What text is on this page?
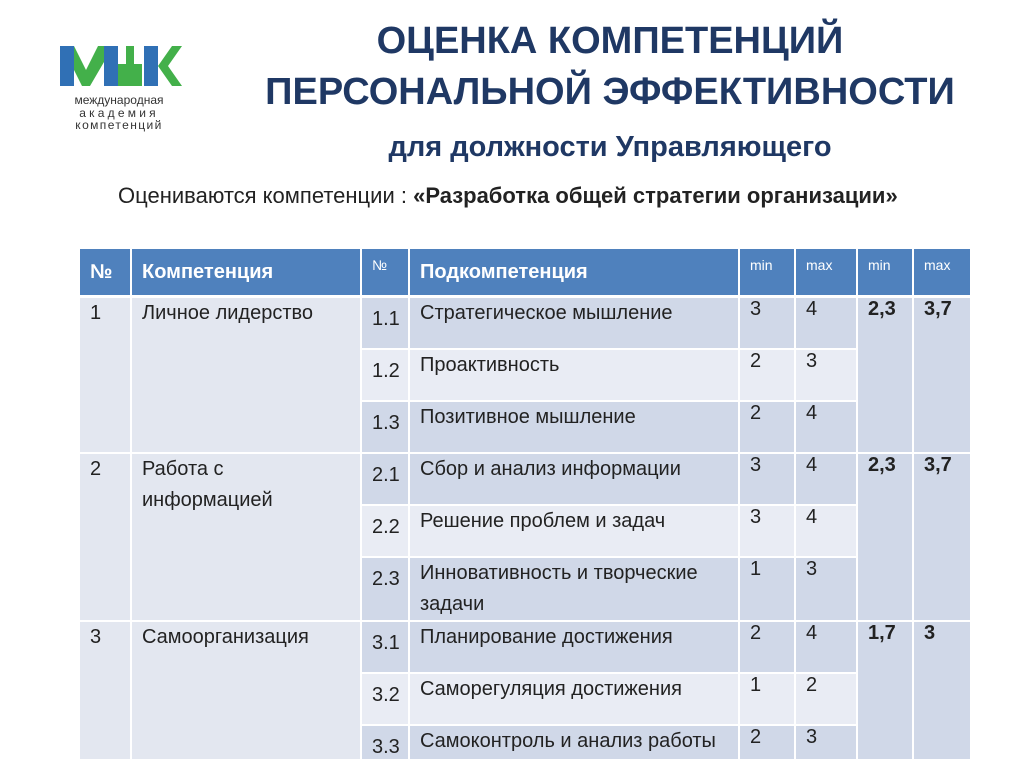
международная
академия
компетенций
ОЦЕНКА КОМПЕТЕНЦИЙ
ПЕРСОНАЛЬНОЙ ЭФФЕКТИВНОСТИ
для должности Управляющего
Оцениваются компетенции : «Разработка общей стратегии организации»
№	Компетенция	№	Подкомпетенция	min	max	min	max
1	Личное лидерство	1.1	Стратегическое мышление	3	4	2,3	3,7
		1.2	Проактивность	2	3		
		1.3	Позитивное мышление	2	4		
2	Работа с информацией	2.1	Сбор и анализ информации	3	4	2,3	3,7
		2.2	Решение проблем и задач	3	4		
		2.3	Инновативность и творческие задачи	1	3		
3	Самоорганизация	3.1	Планирование достижения	2	4	1,7	3
		3.2	Саморегуляция достижения	1	2		
		3.3	Самоконтроль и анализ работы	2	3		
